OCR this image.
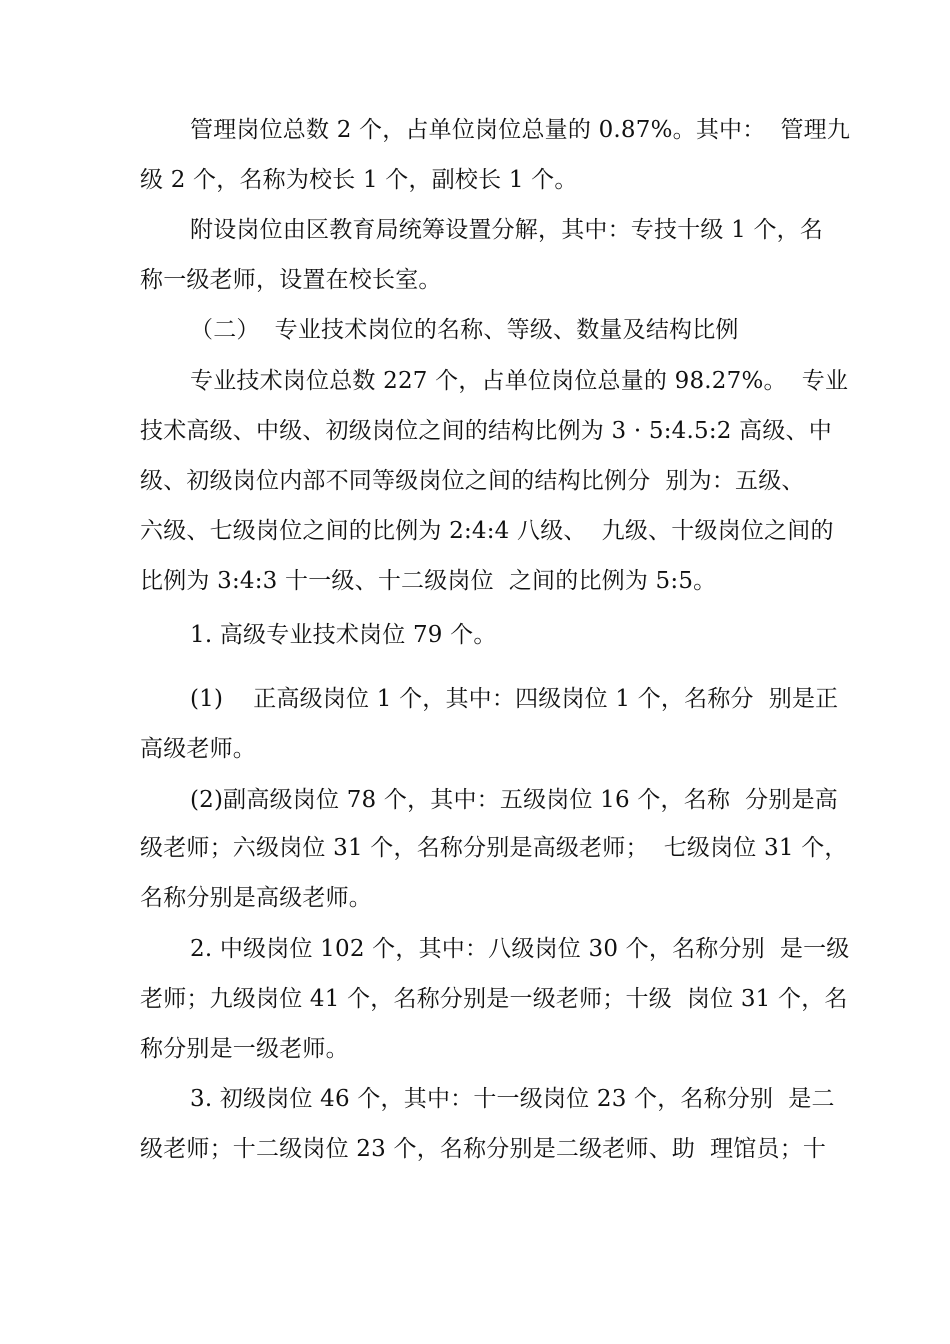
管理岗位总数 2 个，占单位岗位总量的 0.87%。其中：  管理九
级 2 个，名称为校长 1 个，副校长 1 个。
附设岗位由区教育局统筹设置分解，其中：专技十级 1 个，名
称一级老师，设置在校长室。
（二）  专业技术岗位的名称、等级、数量及结构比例
专业技术岗位总数 227 个，占单位岗位总量的 98.27%。  专业
技术高级、中级、初级岗位之间的结构比例为 3 · 5:4.5:2 高级、中
级、初级岗位内部不同等级岗位之间的结构比例分  别为：五级、
六级、七级岗位之间的比例为 2:4:4 八级、  九级、十级岗位之间的
比例为 3:4:3 十一级、十二级岗位  之间的比例为 5:5。
1. 高级专业技术岗位 79 个。
(1)    正高级岗位 1 个，其中：四级岗位 1 个，名称分  别是正
高级老师。
(2)副高级岗位 78 个，其中：五级岗位 16 个，名称  分别是高
级老师；六级岗位 31 个，名称分别是高级老师；  七级岗位 31 个，
名称分别是高级老师。
2. 中级岗位 102 个，其中：八级岗位 30 个，名称分别  是一级
老师；九级岗位 41 个，名称分别是一级老师；十级  岗位 31 个，名
称分别是一级老师。
3. 初级岗位 46 个，其中：十一级岗位 23 个，名称分别  是二
级老师；十二级岗位 23 个，名称分别是二级老师、助  理馆员；十
